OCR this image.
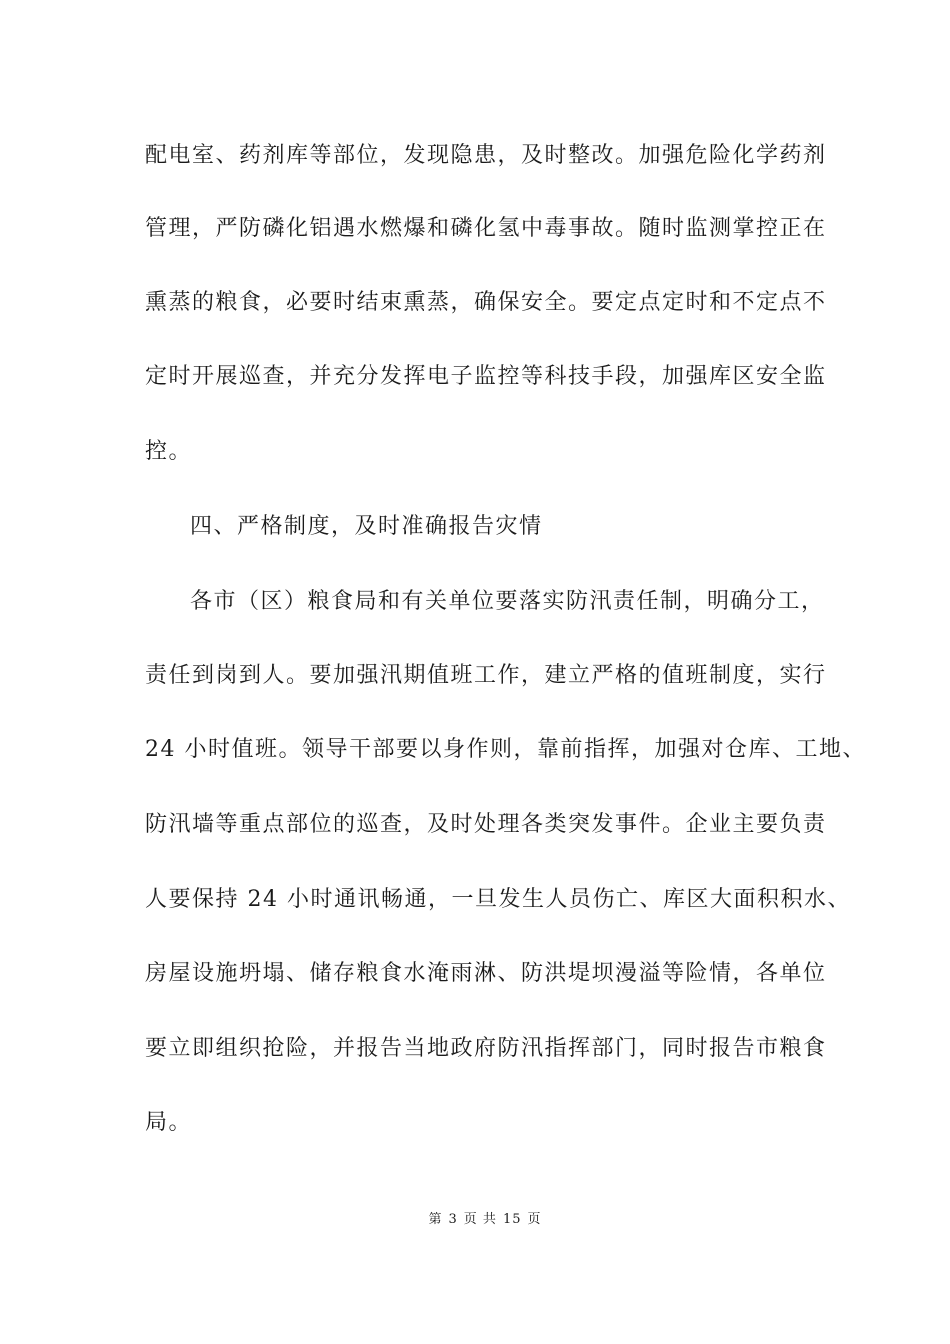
配电室、药剂库等部位，发现隐患，及时整改。加强危险化学药剂
管理，严防磷化铝遇水燃爆和磷化氢中毒事故。随时监测掌控正在
熏蒸的粮食，必要时结束熏蒸，确保安全。要定点定时和不定点不
定时开展巡查，并充分发挥电子监控等科技手段，加强库区安全监
控。
四、严格制度，及时准确报告灾情
各市（区）粮食局和有关单位要落实防汛责任制，明确分工，
责任到岗到人。要加强汛期值班工作，建立严格的值班制度，实行
24 小时值班。领导干部要以身作则，靠前指挥，加强对仓库、工地、
防汛墙等重点部位的巡查，及时处理各类突发事件。企业主要负责
人要保持 24 小时通讯畅通，一旦发生人员伤亡、库区大面积积水、
房屋设施坍塌、储存粮食水淹雨淋、防洪堤坝漫溢等险情，各单位
要立即组织抢险，并报告当地政府防汛指挥部门，同时报告市粮食
局。
第 3 页 共 15 页
